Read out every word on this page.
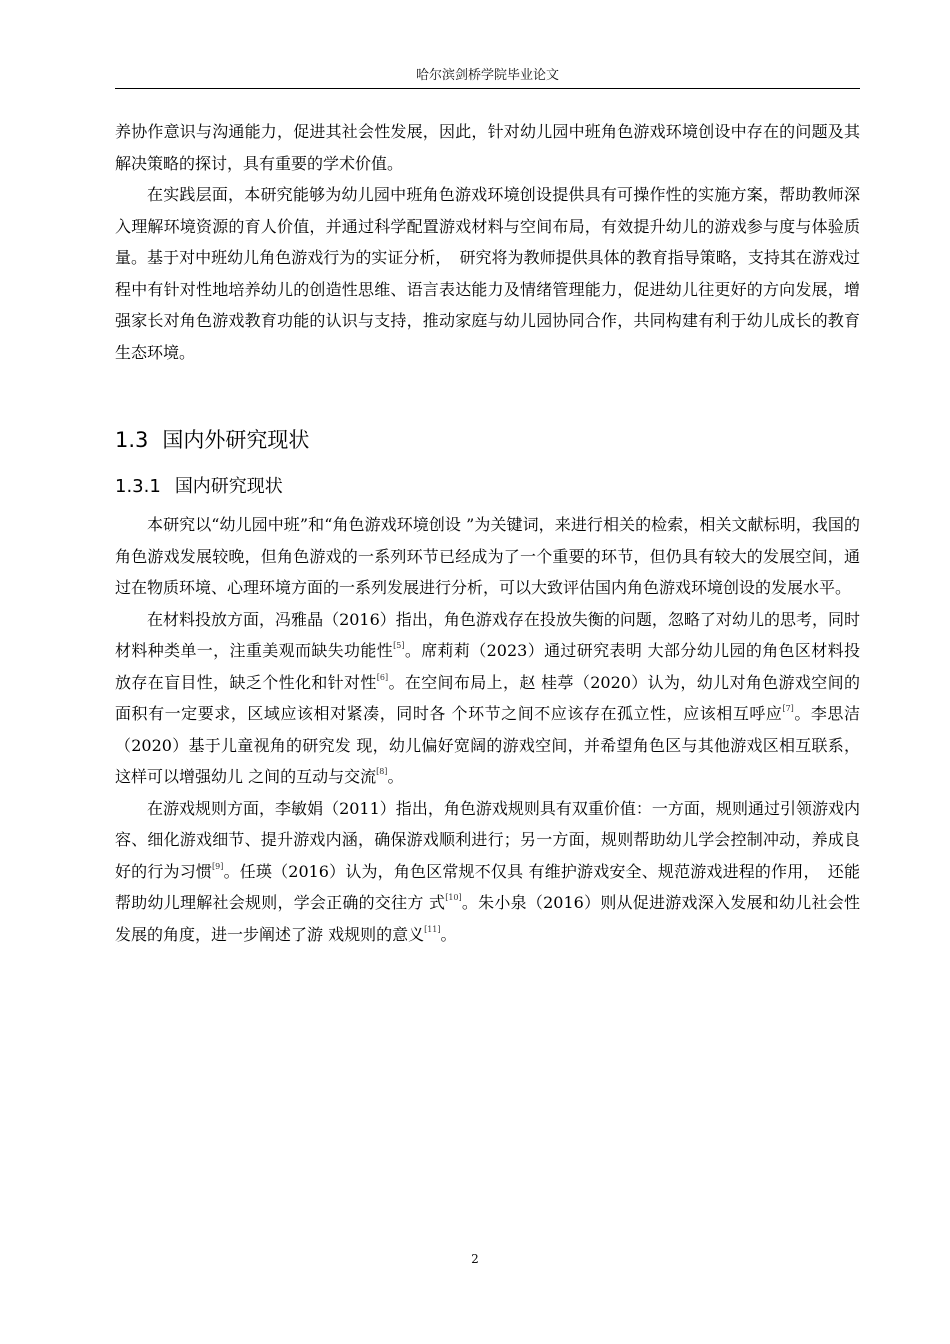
哈尔滨剑桥学院毕业论文

养协作意识与沟通能力，促进其社会性发展，因此，针对幼儿园中班角色游戏环境创设中存在的问题及其解决策略的探讨，具有重要的学术价值。

在实践层面，本研究能够为幼儿园中班角色游戏环境创设提供具有可操作性的实施方案，帮助教师深入理解环境资源的育人价值，并通过科学配置游戏材料与空间布局，有效提升幼儿的游戏参与度与体验质量。基于对中班幼儿角色游戏行为的实证分析，　研究将为教师提供具体的教育指导策略，支持其在游戏过程中有针对性地培养幼儿的创造性思维、语言表达能力及情绪管理能力，促进幼儿往更好的方向发展，增强家长对角色游戏教育功能的认识与支持，推动家庭与幼儿园协同合作，共同构建有利于幼儿成长的教育生态环境。

1.3 国内外研究现状
1.3.1 国内研究现状

本研究以“幼儿园中班”和“角色游戏环境创设 ”为关键词，来进行相关的检索，相关文献标明，我国的角色游戏发展较晚，但角色游戏的一系列环节已经成为了一个重要的环节，但仍具有较大的发展空间，通过在物质环境、心理环境方面的一系列发展进行分析，可以大致评估国内角色游戏环境创设的发展水平。

在材料投放方面，冯雅晶（2016）指出，角色游戏存在投放失衡的问题，忽略了对幼儿的思考，同时材料种类单一，注重美观而缺失功能性[5]。席莉莉（2023）通过研究表明 大部分幼儿园的角色区材料投放存在盲目性，缺乏个性化和针对性[6]。在空间布局上，赵 桂葶（2020）认为，幼儿对角色游戏空间的面积有一定要求，区域应该相对紧凑，同时各 个环节之间不应该存在孤立性，应该相互呼应[7]。李思洁（2020）基于儿童视角的研究发 现，幼儿偏好宽阔的游戏空间，并希望角色区与其他游戏区相互联系，这样可以增强幼儿 之间的互动与交流[8]。

在游戏规则方面，李敏娟（2011）指出，角色游戏规则具有双重价值：一方面，规则通过引领游戏内容、细化游戏细节、提升游戏内涵，确保游戏顺利进行；另一方面，规则帮助幼儿学会控制冲动，养成良好的行为习惯[9]。任瑛（2016）认为，角色区常规不仅具 有维护游戏安全、规范游戏进程的作用，　还能帮助幼儿理解社会规则，学会正确的交往方 式[10]。朱小泉（2016）则从促进游戏深入发展和幼儿社会性发展的角度，进一步阐述了游 戏规则的意义[11]。

2
